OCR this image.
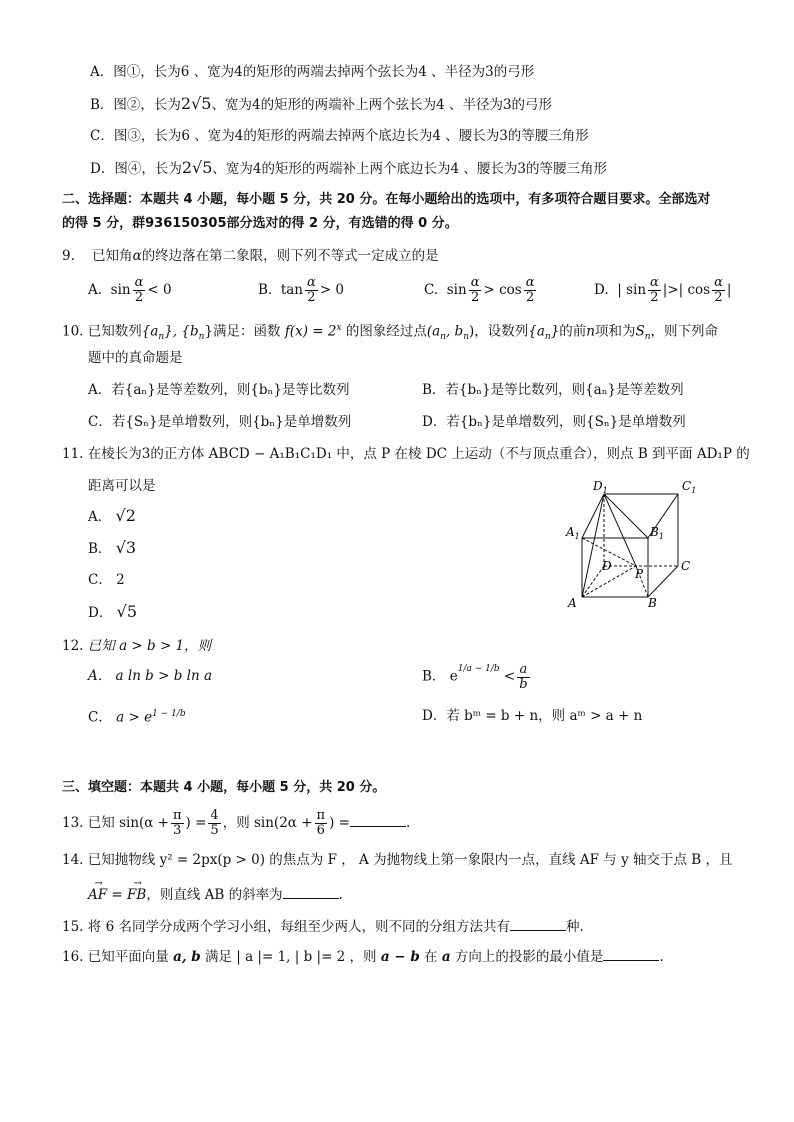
A．图①，长为6 、宽为4的矩形的两端去掉两个弦长为4 、半径为3的弓形
B．图②，长为2√5、宽为4的矩形的两端补上两个弦长为4 、半径为3的弓形
C．图③，长为6 、宽为4的矩形的两端去掉两个底边长为4 、腰长为3的等腰三角形
D．图④，长为2√5、宽为4的矩形的两端补上两个底边长为4 、腰长为3的等腰三角形
二、选择题：本题共 4 小题，每小题 5 分，共 20 分。在每小题给出的选项中，有多项符合题目要求。全部选对
的得 5 分，群936150305部分选对的得 2 分，有选错的得 0 分。
9. 已知角α的终边落在第二象限，则下列不等式一定成立的是
A. $\sin \frac{\alpha}{2} < 0$	B. $\tan \frac{\alpha}{2} > 0$	C. $\sin \frac{\alpha}{2} > \cos \frac{\alpha}{2}$	D. | $\sin \frac{\alpha}{2}$ |>| $\cos \frac{\alpha}{2}$ |
10. 已知数列$\{a_n\}$, $\{b_n\}$满足：函数 $f(x) = 2^x$ 的图象经过点($a_n$, $b_n$)，设数列$\{a_n\}$的前n项和为$S_n$，则下列命
题中的真命题是
A．若{aₙ}是等差数列，则{bₙ}是等比数列	B．若{bₙ}是等比数列，则{aₙ}是等差数列
C．若{Sₙ}是单增数列，则{bₙ}是单增数列	D．若{bₙ}是单增数列，则{Sₙ}是单增数列
11. 在棱长为3的正方体 ABCD − A₁B₁C₁D₁ 中，点 P 在棱 DC 上运动（不与顶点重合），则点 B 到平面 AD₁P 的
距离可以是
A． √2
B． √3
C． 2
D． √5
$D_1$	$C_1$
$A_1$	$B_1$
D
P
C
A	B
12. 已知 a > b > 1，则
A． a ln b > b ln a	B． $e^{1/a - 1/b} < \frac{a}{b}$
C． $a > e^{1 - 1/b}$	D．若 bᵐ = b + n，则 aᵐ > a + n
三、填空题：本题共 4 小题，每小题 5 分，共 20 分。
13. 已知 $\sin(\alpha + \frac{\pi}{3}$ ) = $\frac{4}{5}$ ，则 $\sin(2\alpha + \frac{\pi}{6}$ ) =	.
14. 已知抛物线 y² = 2px(p > 0) 的焦点为 F ， A 为抛物线上第一象限内一点，直线 AF 与 y 轴交于点 B ，且
→ AF = → FB，则直线 AB 的斜率为	.
15. 将 6 名同学分成两个学习小组，每组至少两人，则不同的分组方法共有	种.
16. 已知平面向量 a, b 满足 | a |= 1, | b |= 2 ，则 a − b 在 a 方向上的投影的最小值是	.
